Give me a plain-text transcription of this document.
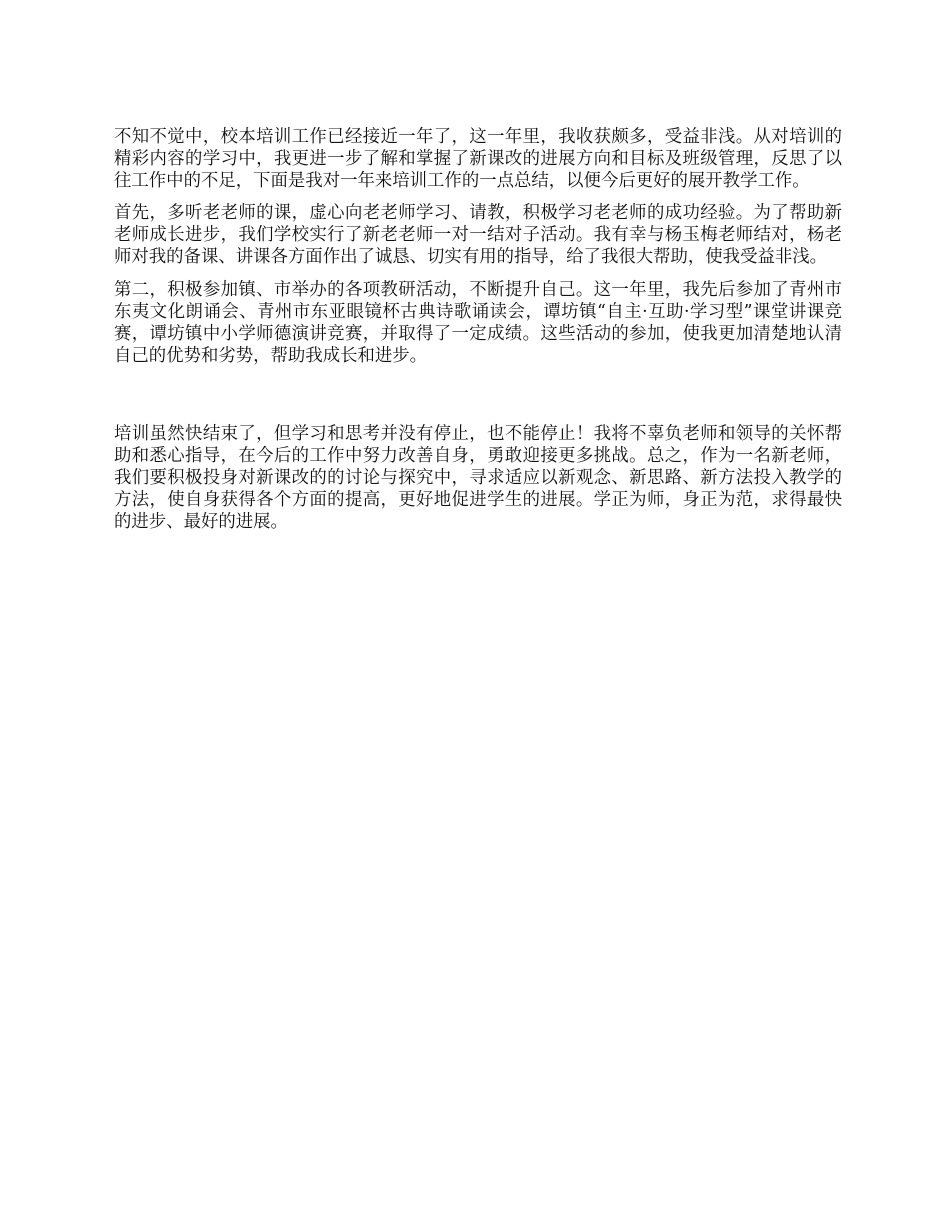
不知不觉中，校本培训工作已经接近一年了，这一年里，我收获颇多，受益非浅。从对培训的精彩内容的学习中，我更进一步了解和掌握了新课改的进展方向和目标及班级管理，反思了以往工作中的不足，下面是我对一年来培训工作的一点总结，以便今后更好的展开教学工作。

首先，多听老老师的课，虚心向老老师学习、请教，积极学习老老师的成功经验。为了帮助新老师成长进步，我们学校实行了新老老师一对一结对子活动。我有幸与杨玉梅老师结对，杨老师对我的备课、讲课各方面作出了诚恳、切实有用的指导，给了我很大帮助，使我受益非浅。

第二，积极参加镇、市举办的各项教研活动，不断提升自己。这一年里，我先后参加了青州市东夷文化朗诵会、青州市东亚眼镜杯古典诗歌诵读会，谭坊镇“自主·互助·学习型”课堂讲课竞赛，谭坊镇中小学师德演讲竞赛，并取得了一定成绩。这些活动的参加，使我更加清楚地认清自己的优势和劣势，帮助我成长和进步。

培训虽然快结束了，但学习和思考并没有停止，也不能停止！我将不辜负老师和领导的关怀帮助和悉心指导，在今后的工作中努力改善自身，勇敢迎接更多挑战。总之，作为一名新老师，我们要积极投身对新课改的的讨论与探究中，寻求适应以新观念、新思路、新方法投入教学的方法，使自身获得各个方面的提高，更好地促进学生的进展。学正为师，身正为范，求得最快的进步、最好的进展。
